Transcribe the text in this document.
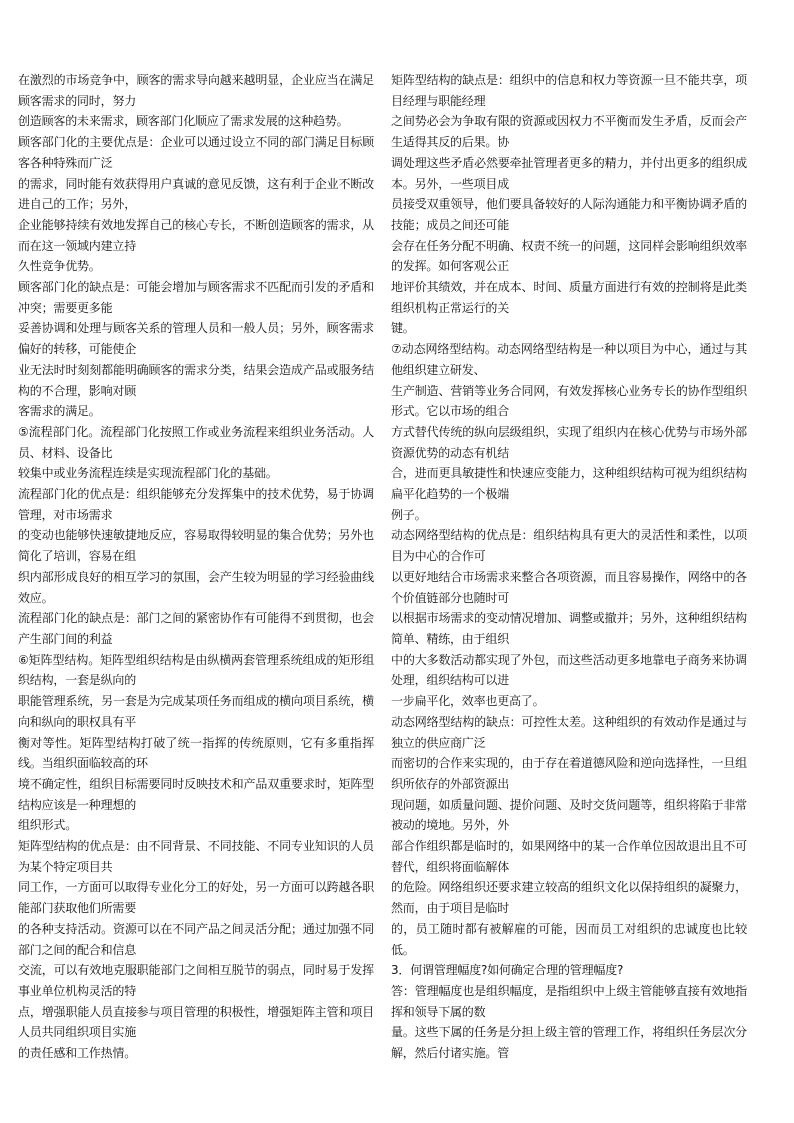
在激烈的市场竞争中，顾客的需求导向越来越明显，企业应当在满足顾客需求的同时，努力

创造顾客的未来需求，顾客部门化顺应了需求发展的这种趋势。

顾客部门化的主要优点是：企业可以通过设立不同的部门满足目标顾客各种特殊而广泛

的需求，同时能有效获得用户真诚的意见反馈，这有利于企业不断改进自己的工作；另外，

企业能够持续有效地发挥自己的核心专长，不断创造顾客的需求，从而在这一领域内建立持

久性竞争优势。

顾客部门化的缺点是：可能会增加与顾客需求不匹配而引发的矛盾和冲突；需要更多能

妥善协调和处理与顾客关系的管理人员和一般人员；另外，顾客需求偏好的转移，可能使企

业无法时时刻刻都能明确顾客的需求分类，结果会造成产品或服务结构的不合理，影响对顾

客需求的满足。

⑤流程部门化。流程部门化按照工作或业务流程来组织业务活动。人员、材料、设备比

较集中或业务流程连续是实现流程部门化的基础。

流程部门化的优点是：组织能够充分发挥集中的技术优势，易于协调管理，对市场需求

的变动也能够快速敏捷地反应，容易取得较明显的集合优势；另外也简化了培训，容易在组

织内部形成良好的相互学习的氛围，会产生较为明显的学习经验曲线效应。

流程部门化的缺点是：部门之间的紧密协作有可能得不到贯彻，也会产生部门间的利益

⑥矩阵型结构。矩阵型组织结构是由纵横两套管理系统组成的矩形组织结构，一套是纵向的

职能管理系统，另一套是为完成某项任务而组成的横向项目系统，横向和纵向的职权具有平

衡对等性。矩阵型结构打破了统一指挥的传统原则，它有多重指挥线。当组织面临较高的环

境不确定性，组织目标需要同时反映技术和产品双重要求时，矩阵型结构应该是一种理想的

组织形式。

矩阵型结构的优点是：由不同背景、不同技能、不同专业知识的人员为某个特定项目共

同工作，一方面可以取得专业化分工的好处，另一方面可以跨越各职能部门获取他们所需要

的各种支持活动。资源可以在不同产品之间灵活分配；通过加强不同部门之间的配合和信息

交流，可以有效地克服职能部门之间相互脱节的弱点，同时易于发挥事业单位机构灵活的特

点，增强职能人员直接参与项目管理的积极性，增强矩阵主管和项目人员共同组织项目实施

的责任感和工作热情。

矩阵型结构的缺点是：组织中的信息和权力等资源一旦不能共享，项目经理与职能经理

之间势必会为争取有限的资源或因权力不平衡而发生矛盾，反而会产生适得其反的后果。协

调处理这些矛盾必然要牵扯管理者更多的精力，并付出更多的组织成本。另外，一些项目成

员接受双重领导，他们要具备较好的人际沟通能力和平衡协调矛盾的技能；成员之间还可能

会存在任务分配不明确、权责不统一的问题，这同样会影响组织效率的发挥。如何客观公正

地评价其绩效，并在成本、时间、质量方面进行有效的控制将是此类组织机构正常运行的关

键。

⑦动态网络型结构。动态网络型结构是一种以项目为中心，通过与其他组织建立研发、

生产制造、营销等业务合同网，有效发挥核心业务专长的协作型组织形式。它以市场的组合

方式替代传统的纵向层级组织，实现了组织内在核心优势与市场外部资源优势的动态有机结

合，进而更具敏捷性和快速应变能力，这种组织结构可视为组织结构扁平化趋势的一个极端

例子。

动态网络型结构的优点是：组织结构具有更大的灵活性和柔性，以项目为中心的合作可

以更好地结合市场需求来整合各项资源，而且容易操作，网络中的各个价值链部分也随时可

以根据市场需求的变动情况增加、调整或撤并；另外，这种组织结构简单、精练，由于组织

中的大多数活动都实现了外包，而这些活动更多地靠电子商务来协调处理，组织结构可以进

一步扁平化，效率也更高了。

动态网络型结构的缺点：可控性太差。这种组织的有效动作是通过与独立的供应商广泛

而密切的合作来实现的，由于存在着道德风险和逆向选择性，一旦组织所依存的外部资源出

现问题，如质量问题、提价问题、及时交货问题等，组织将陷于非常被动的境地。另外，外

部合作组织都是临时的，如果网络中的某一合作单位因故退出且不可替代，组织将面临解体

的危险。网络组织还要求建立较高的组织文化以保持组织的凝聚力，然而，由于项目是临时

的，员工随时都有被解雇的可能，因而员工对组织的忠诚度也比较低。

3．何谓管理幅度?如何确定合理的管理幅度?

答：管理幅度也是组织幅度，是指组织中上级主管能够直接有效地指挥和领导下属的数

量。这些下属的任务是分担上级主管的管理工作，将组织任务层次分解，然后付诸实施。管
